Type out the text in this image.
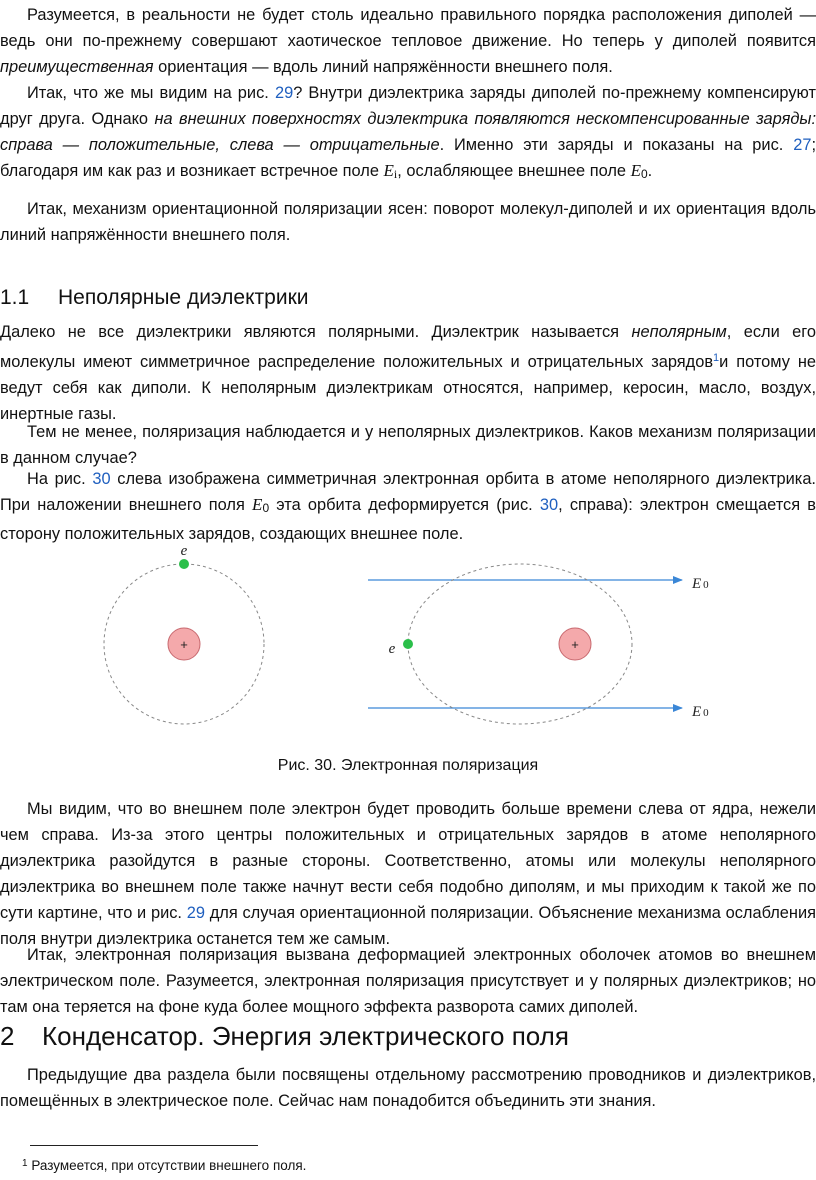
Разумеется, в реальности не будет столь идеально правильного порядка расположения диполей — ведь они по-прежнему совершают хаотическое тепловое движение. Но теперь у диполей появится преимущественная ориентация — вдоль линий напряжённости внешнего поля.

Итак, что же мы видим на рис. 29? Внутри диэлектрика заряды диполей по-прежнему компенсируют друг друга. Однако на внешних поверхностях диэлектрика появляются нескомпенсированные заряды: справа — положительные, слева — отрицательные. Именно эти заряды и показаны на рис. 27; благодаря им как раз и возникает встречное поле $E_i$, ослабляющее внешнее поле $E_0$.

Итак, механизм ориентационной поляризации ясен: поворот молекул-диполей и их ориентация вдоль линий напряжённости внешнего поля.

1.1 Неполярные диэлектрики

Далеко не все диэлектрики являются полярными. Диэлектрик называется неполярным, если его молекулы имеют симметричное распределение положительных и отрицательных зарядов$^1$и потому не ведут себя как диполи. К неполярным диэлектрикам относятся, например, керосин, масло, воздух, инертные газы.

Тем не менее, поляризация наблюдается и у неполярных диэлектриков. Каков механизм поляризации в данном случае?

На рис. 30 слева изображена симметричная электронная орбита в атоме неполярного диэлектрика. При наложении внешнего поля $E_0$ эта орбита деформируется (рис. 30, справа): электрон смещается в сторону положительных зарядов, создающих внешнее поле.

+
e
E 0
E 0
+
e
Рис. 30. Электронная поляризация

Мы видим, что во внешнем поле электрон будет проводить больше времени слева от ядра, нежели чем справа. Из-за этого центры положительных и отрицательных зарядов в атоме неполярного диэлектрика разойдутся в разные стороны. Соответственно, атомы или молекулы неполярного диэлектрика во внешнем поле также начнут вести себя подобно диполям, и мы приходим к такой же по сути картине, что и рис. 29 для случая ориентационной поляризации. Объяснение механизма ослабления поля внутри диэлектрика останется тем же самым.

Итак, электронная поляризация вызвана деформацией электронных оболочек атомов во внешнем электрическом поле. Разумеется, электронная поляризация присутствует и у полярных диэлектриков; но там она теряется на фоне куда более мощного эффекта разворота самих диполей.

2 Конденсатор. Энергия электрического поля

Предыдущие два раздела были посвящены отдельному рассмотрению проводников и диэлектриков, помещённых в электрическое поле. Сейчас нам понадобится объединить эти знания.

$^1$ Разумеется, при отсутствии внешнего поля.
